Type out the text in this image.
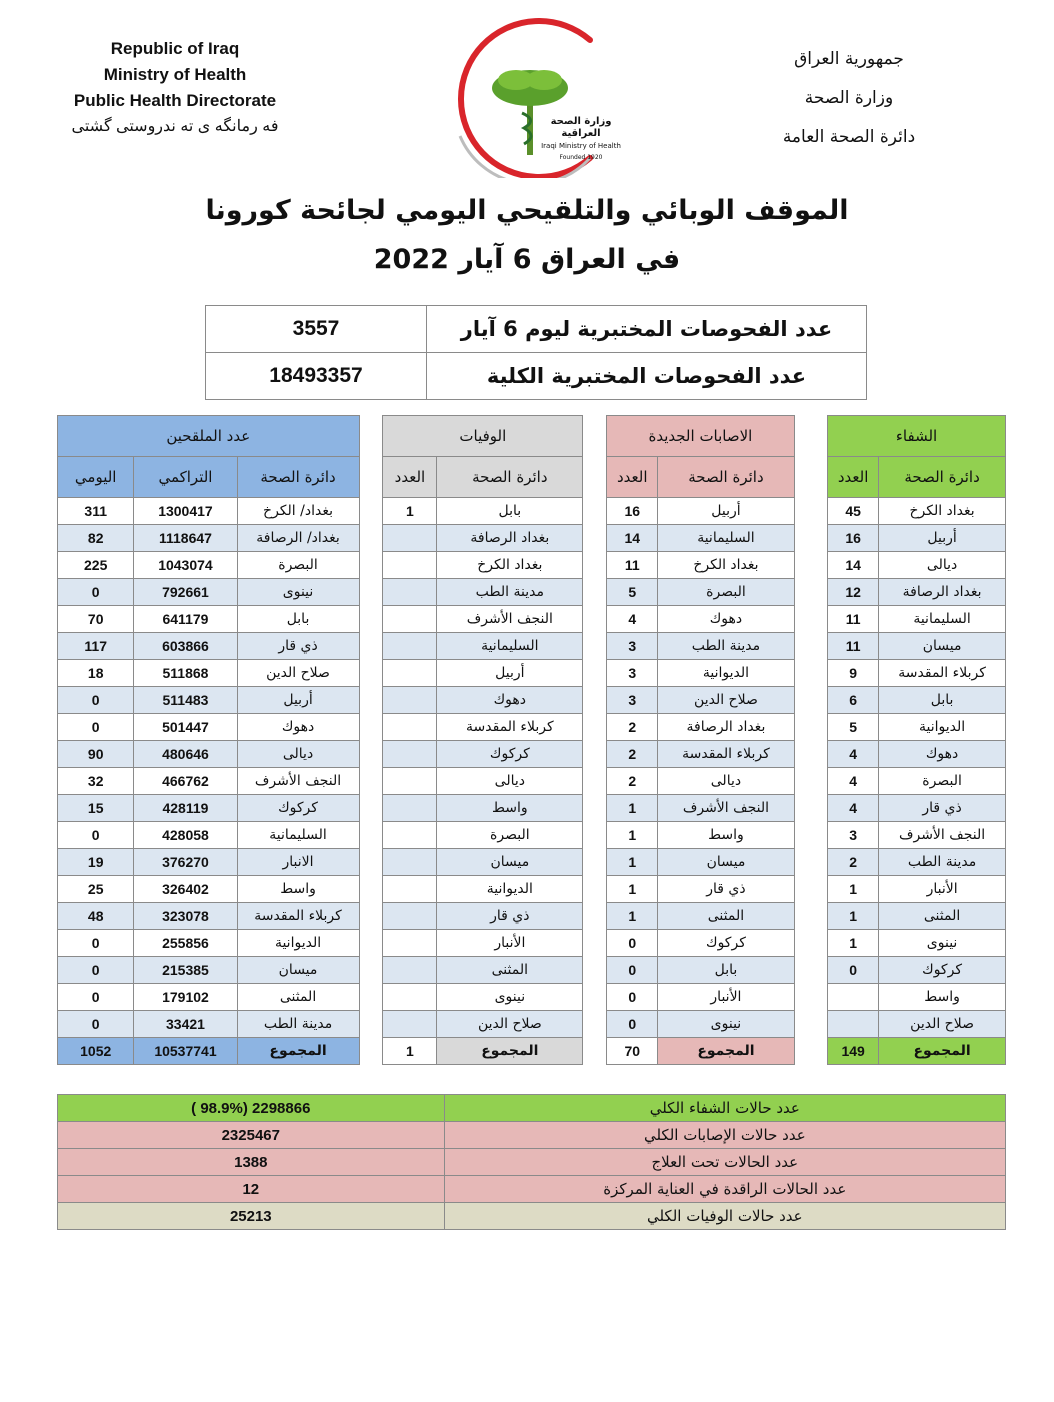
Republic of Iraq
Ministry of Health
Public Health Directorate
فه رمانگه ی ته ندروستی گشتی	وزارة الصحة العراقية
Iraqi Ministry of Health
Founded 1920
جمهورية العراق
وزارة الصحة
دائرة الصحة العامة
الموقف الوبائي والتلقيحي اليومي لجائحة كورونا
في العراق 6 آيار 2022
3557	عدد الفحوصات المختبرية ليوم 6 آيار
18493357	عدد الفحوصات المختبرية الكلية
عدد الملقحين				الوفيات			الاصابات الجديدة			الشفاء	
اليومي	التراكمي	دائرة الصحة		العدد	دائرة الصحة		العدد	دائرة الصحة		العدد	دائرة الصحة
311	1300417	بغداد/ الكرخ		1	بابل		16	أربيل		45	بغداد الكرخ
82	1118647	بغداد/ الرصافة			بغداد الرصافة		14	السليمانية		16	أربيل
225	1043074	البصرة			بغداد الكرخ		11	بغداد الكرخ		14	ديالى
0	792661	نينوى			مدينة الطب		5	البصرة		12	بغداد الرصافة
70	641179	بابل			النجف الأشرف		4	دهوك		11	السليمانية
117	603866	ذي قار			السليمانية		3	مدينة الطب		11	ميسان
18	511868	صلاح الدين			أربيل		3	الديوانية		9	كربلاء المقدسة
0	511483	أربيل			دهوك		3	صلاح الدين		6	بابل
0	501447	دهوك			كربلاء المقدسة		2	بغداد الرصافة		5	الديوانية
90	480646	ديالى			كركوك		2	كربلاء المقدسة		4	دهوك
32	466762	النجف الأشرف			ديالى		2	ديالى		4	البصرة
15	428119	كركوك			واسط		1	النجف الأشرف		4	ذي قار
0	428058	السليمانية			البصرة		1	واسط		3	النجف الأشرف
19	376270	الانبار			ميسان		1	ميسان		2	مدينة الطب
25	326402	واسط			الديوانية		1	ذي قار		1	الأنبار
48	323078	كربلاء المقدسة			ذي قار		1	المثنى		1	المثنى
0	255856	الديوانية			الأنبار		0	كركوك		1	نينوى
0	215385	ميسان			المثنى		0	بابل		0	كركوك
0	179102	المثنى			نينوى		0	الأنبار			واسط
0	33421	مدينة الطب			صلاح الدين		0	نينوى			صلاح الدين
1052	10537741	المجموع		1	المجموع		70	المجموع		149	المجموع
( 98.9%) 2298866	عدد حالات الشفاء الكلي
2325467	عدد حالات الإصابات الكلي
1388	عدد الحالات تحت العلاج
12	عدد الحالات الراقدة في العناية المركزة
25213	عدد حالات الوفيات الكلي
